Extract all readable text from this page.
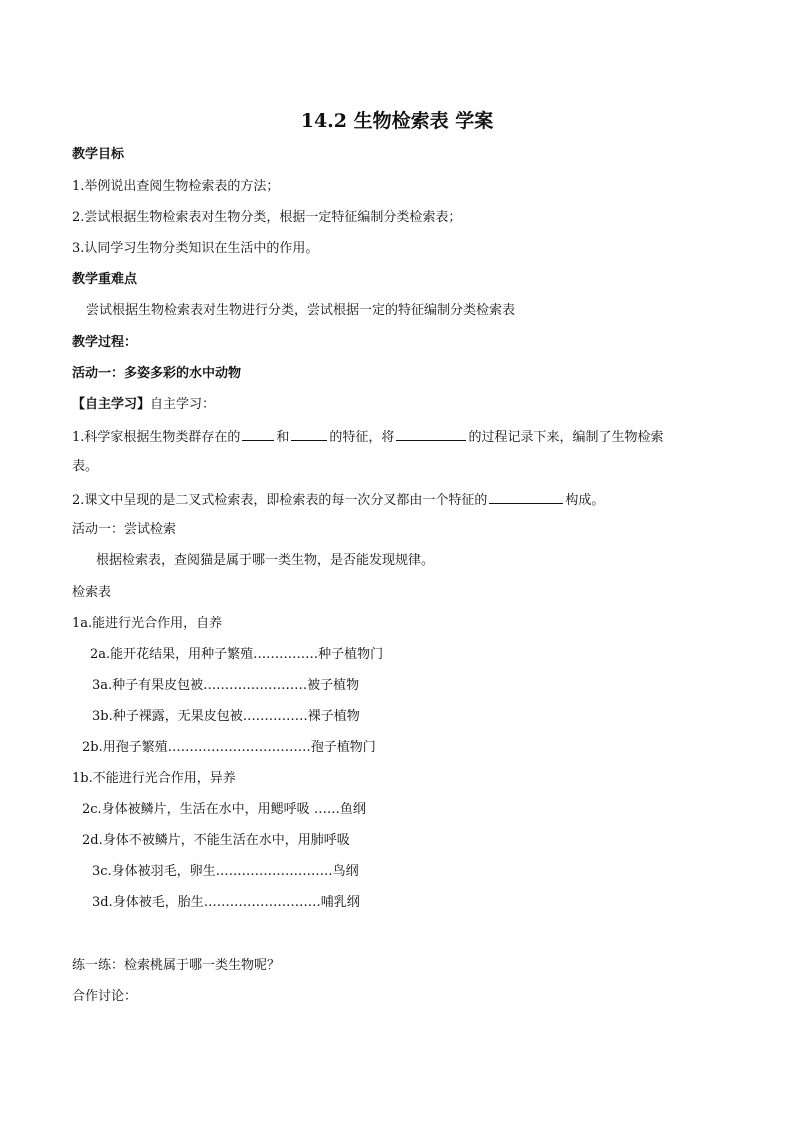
14.2 生物检索表 学案
教学目标
1.举例说出查阅生物检索表的方法；
2.尝试根据生物检索表对生物分类，根据一定特征编制分类检索表；
3.认同学习生物分类知识在生活中的作用。
教学重难点
尝试根据生物检索表对生物进行分类，尝试根据一定的特征编制分类检索表
教学过程：
活动一：多姿多彩的水中动物
【自主学习】自主学习：
1.科学家根据生物类群存在的	和	的特征，将	的过程记录下来，编制了生物检索
表。
2.课文中呈现的是二叉式检索表，即检索表的每一次分叉都由一个特征的	构成。
活动一：尝试检索
根据检索表，查阅猫是属于哪一类生物，是否能发现规律。
检索表
1a.能进行光合作用，自养
2a.能开花结果，用种子繁殖……………种子植物门
3a.种子有果皮包被……………………被子植物
3b.种子裸露，无果皮包被……………裸子植物
2b.用孢子繁殖……………………………孢子植物门
1b.不能进行光合作用，异养
2c.身体被鳞片，生活在水中，用鳃呼吸 ……鱼纲
2d.身体不被鳞片，不能生活在水中，用肺呼吸
3c.身体被羽毛，卵生………………………鸟纲
3d.身体被毛，胎生………………………哺乳纲
练一练：检索桃属于哪一类生物呢？
合作讨论：
